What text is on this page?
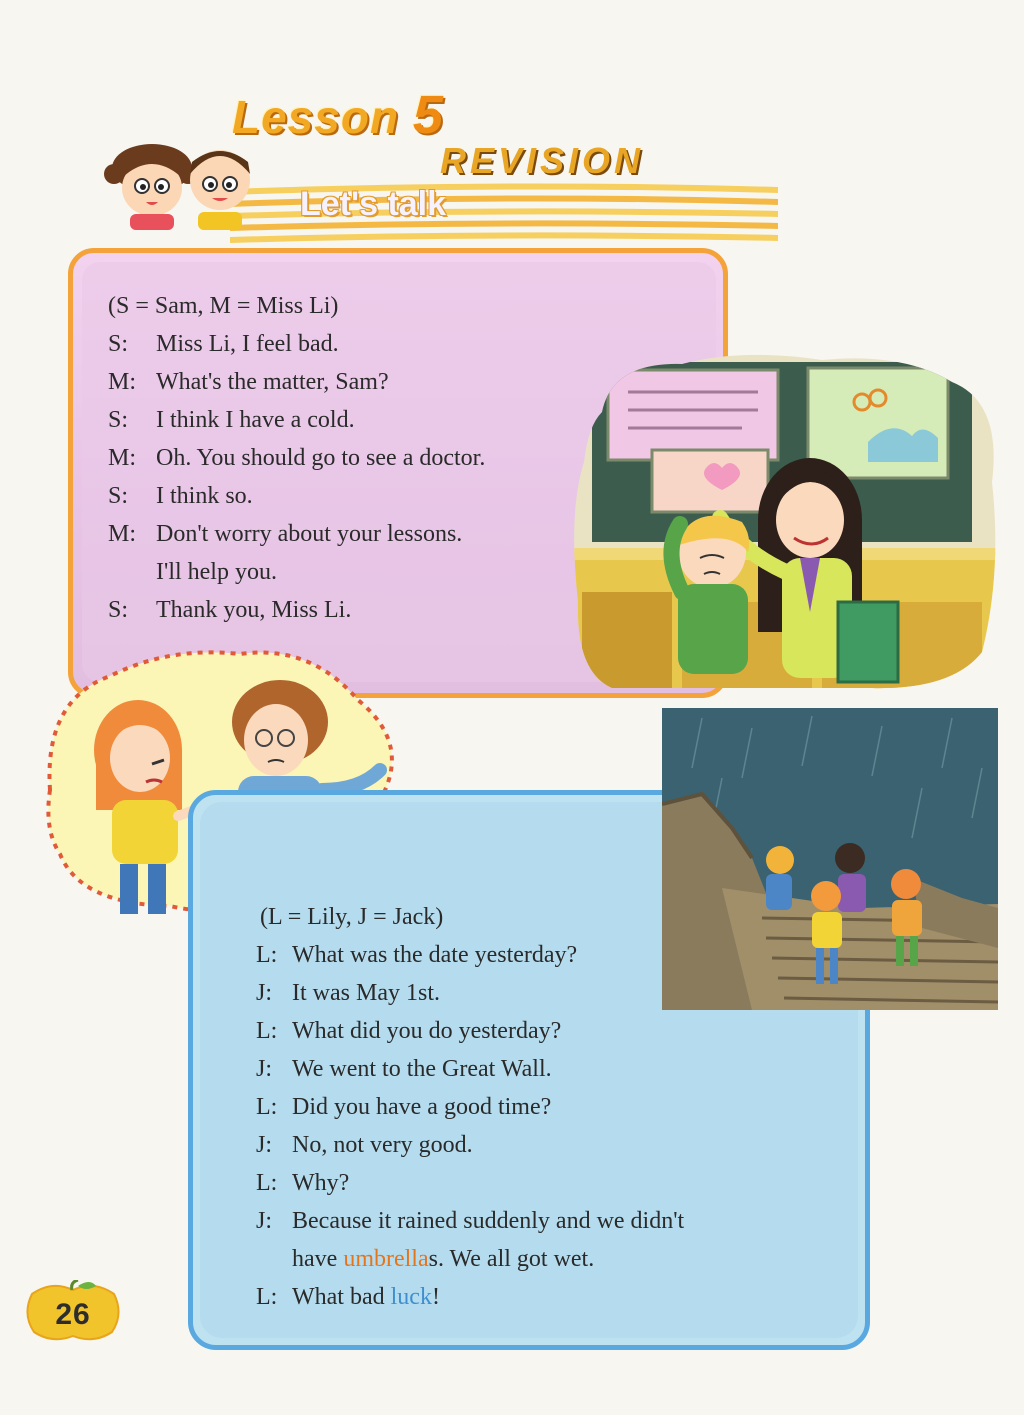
Lesson 5
REVISION
Let's talk
(S = Sam, M = Miss Li)
S:	Miss Li, I feel bad.
M: What's the matter, Sam?
S:	I think I have a cold.
M: Oh. You should go to see a doctor.
S:	I think so.
M: Don't worry about your lessons.
I'll help you.
S:	Thank you, Miss Li.
(L = Lily, J = Jack)
L: What was the date yesterday?
J: It was May 1st.
L: What did you do yesterday?
J: We went to the Great Wall.
L: Did you have a good time?
J: No, not very good.
L: Why?
J: Because it rained suddenly and we didn't
have umbrellas. We all got wet.
L: What bad luck!
26
